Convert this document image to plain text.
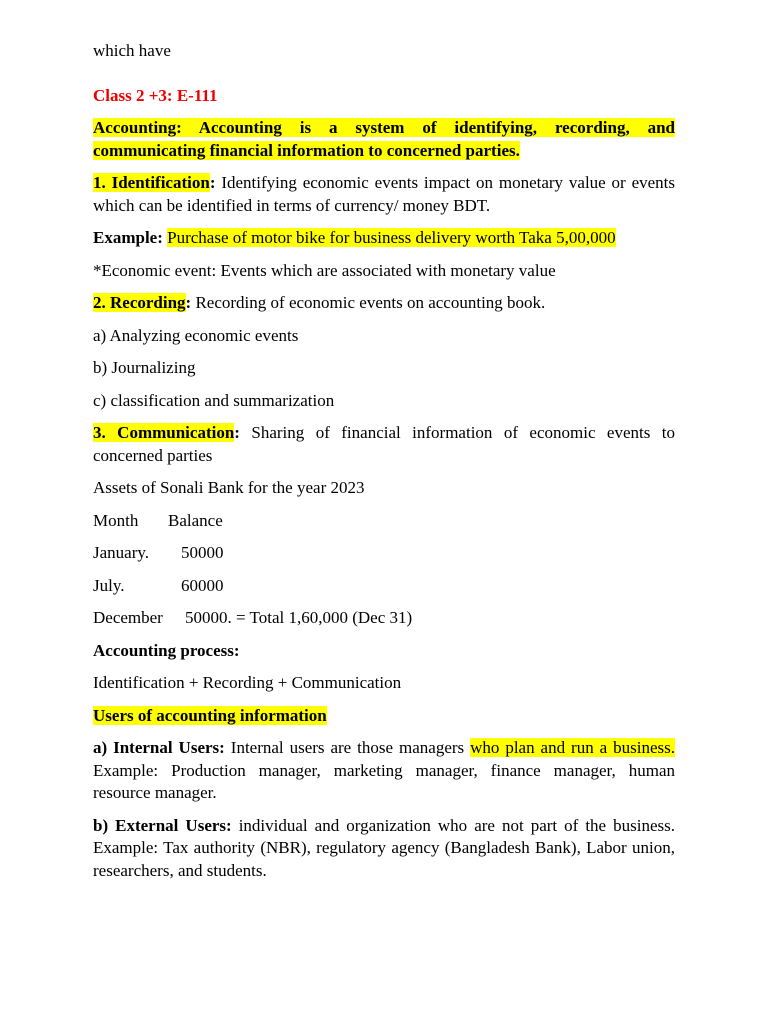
which have

Class 2 +3: E-111

Accounting: Accounting is a system of identifying, recording, and communicating financial information to concerned parties.

1. Identification: Identifying economic events impact on monetary value or events which can be identified in terms of currency/ money BDT.

Example: Purchase of motor bike for business delivery worth Taka 5,00,000

*Economic event: Events which are associated with monetary value

2. Recording: Recording of economic events on accounting book.

a) Analyzing economic events

b) Journalizing

c) classification and summarization

3. Communication: Sharing of financial information of economic events to concerned parties

Assets of Sonali Bank for the year 2023

Month Balance

January. 50000

July.	60000

December 50000. = Total 1,60,000 (Dec 31)

Accounting process:

Identification + Recording + Communication

Users of accounting information

a) Internal Users: Internal users are those managers who plan and run a business. Example: Production manager, marketing manager, finance manager, human resource manager.

b) External Users: individual and organization who are not part of the business. Example: Tax authority (NBR), regulatory agency (Bangladesh Bank), Labor union, researchers, and students.
